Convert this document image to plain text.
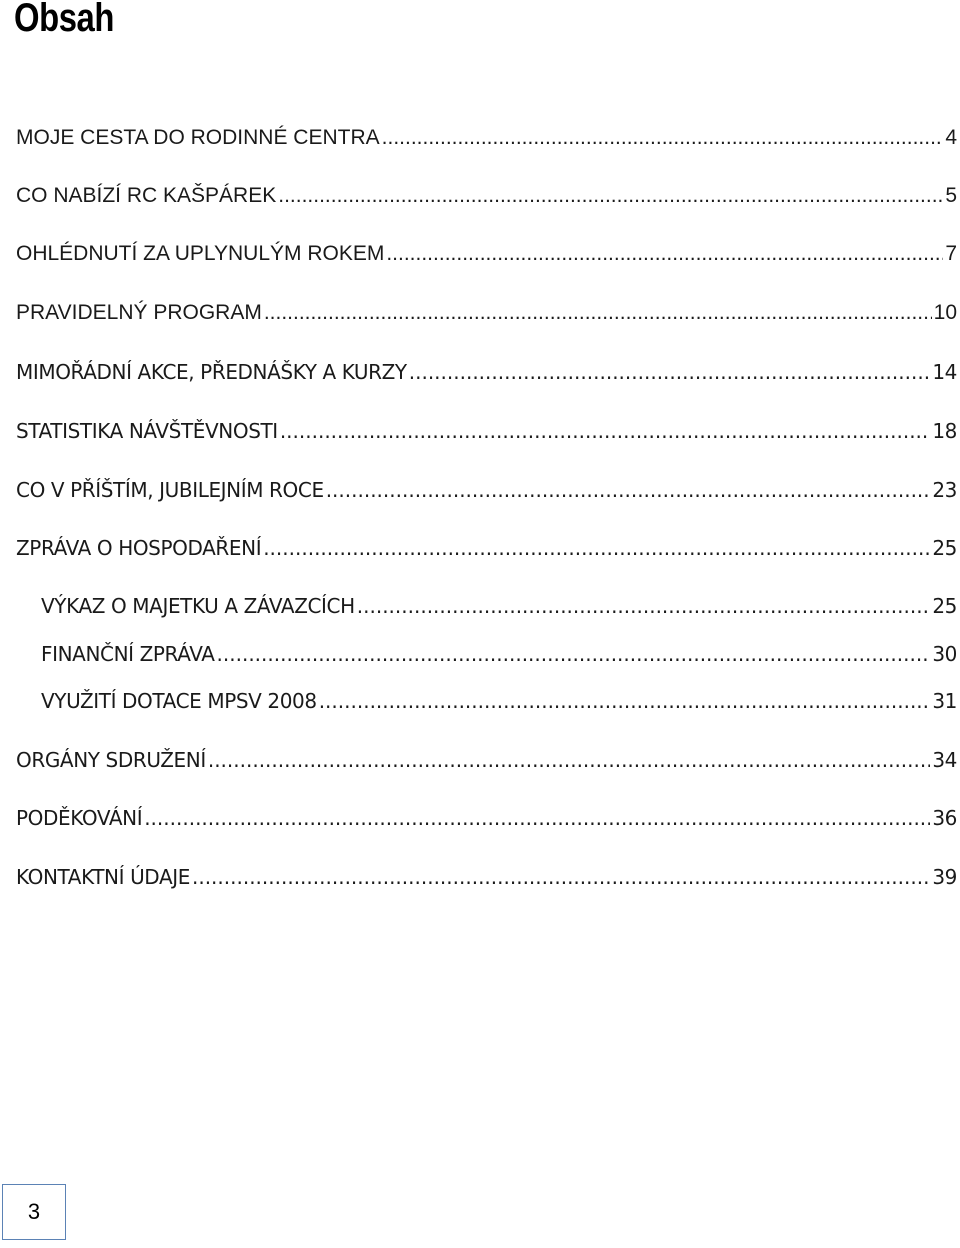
Obsah
MOJE CESTA DO RODINNÉ CENTRA .....	4
CO NABÍZÍ RC KAŠPÁREK .....	5
OHLÉDNUTÍ ZA UPLYNULÝM ROKEM .....	7
PRAVIDELNÝ PROGRAM .....	10
MIMOŘÁDNÍ AKCE, PŘEDNÁŠKY A KURZY .....	14
STATISTIKA NÁVŠTĚVNOSTI .....	18
CO V PŘÍŠTÍM, JUBILEJNÍM ROCE .....	23
ZPRÁVA O HOSPODAŘENÍ .....	25
VÝKAZ O MAJETKU A ZÁVAZCÍCH .....	25
FINANČNÍ ZPRÁVA .....	30
VYUŽITÍ DOTACE MPSV 2008 .....	31
ORGÁNY SDRUŽENÍ .....	34
PODĚKOVÁNÍ .....	36
KONTAKTNÍ ÚDAJE .....	39
3
